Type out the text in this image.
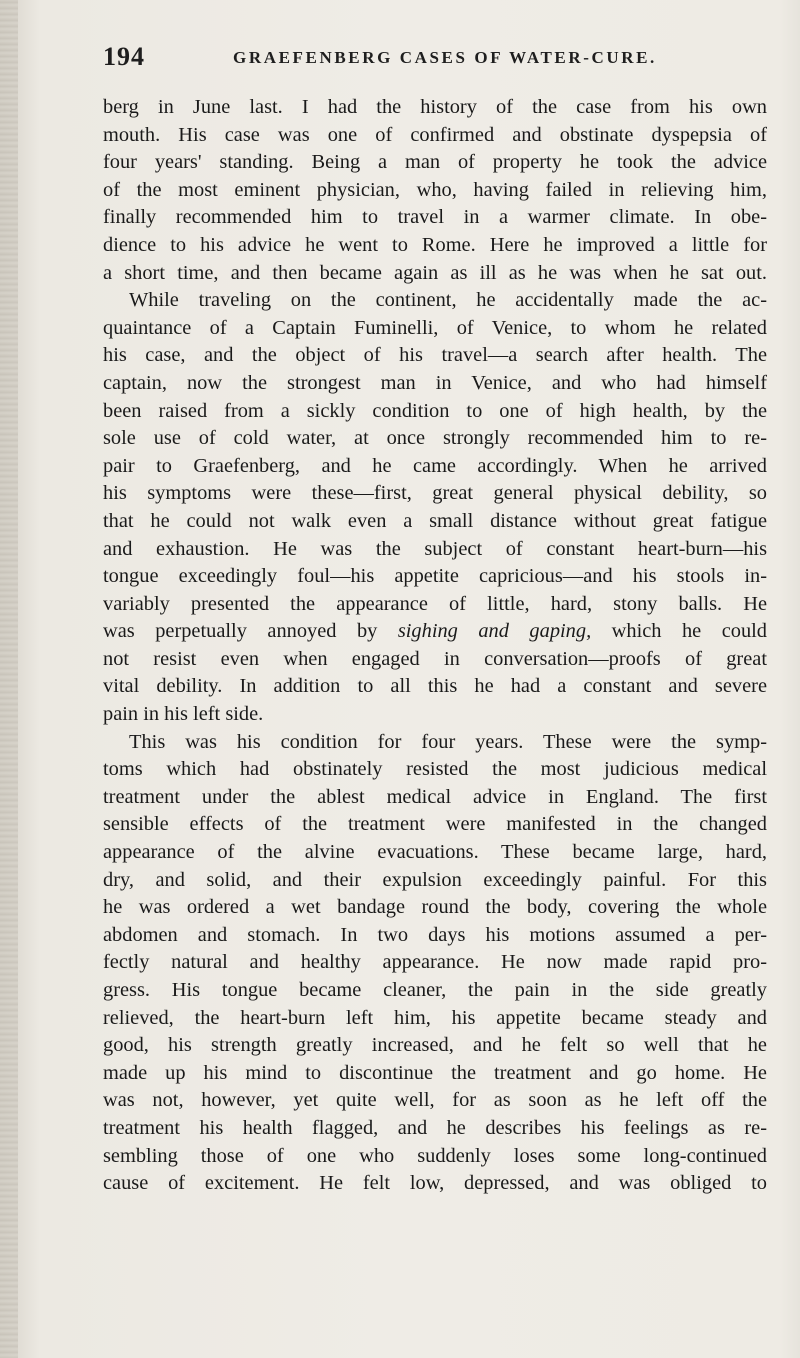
194	GRAEFENBERG CASES OF WATER-CURE.
berg in June last. I had the history of the case from his own
mouth. His case was one of confirmed and obstinate dyspepsia of
four years' standing. Being a man of property he took the advice
of the most eminent physician, who, having failed in relieving him,
finally recommended him to travel in a warmer climate. In obe-
dience to his advice he went to Rome. Here he improved a little for
a short time, and then became again as ill as he was when he sat out.
While traveling on the continent, he accidentally made the ac-
quaintance of a Captain Fuminelli, of Venice, to whom he related
his case, and the object of his travel—a search after health. The
captain, now the strongest man in Venice, and who had himself
been raised from a sickly condition to one of high health, by the
sole use of cold water, at once strongly recommended him to re-
pair to Graefenberg, and he came accordingly. When he arrived
his symptoms were these—first, great general physical debility, so
that he could not walk even a small distance without great fatigue
and exhaustion. He was the subject of constant heart-burn—his
tongue exceedingly foul—his appetite capricious—and his stools in-
variably presented the appearance of little, hard, stony balls. He
was perpetually annoyed by sighing and gaping, which he could
not resist even when engaged in conversation—proofs of great
vital debility. In addition to all this he had a constant and severe
pain in his left side.
This was his condition for four years. These were the symp-
toms which had obstinately resisted the most judicious medical
treatment under the ablest medical advice in England. The first
sensible effects of the treatment were manifested in the changed
appearance of the alvine evacuations. These became large, hard,
dry, and solid, and their expulsion exceedingly painful. For this
he was ordered a wet bandage round the body, covering the whole
abdomen and stomach. In two days his motions assumed a per-
fectly natural and healthy appearance. He now made rapid pro-
gress. His tongue became cleaner, the pain in the side greatly
relieved, the heart-burn left him, his appetite became steady and
good, his strength greatly increased, and he felt so well that he
made up his mind to discontinue the treatment and go home. He
was not, however, yet quite well, for as soon as he left off the
treatment his health flagged, and he describes his feelings as re-
sembling those of one who suddenly loses some long-continued
cause of excitement. He felt low, depressed, and was obliged to
